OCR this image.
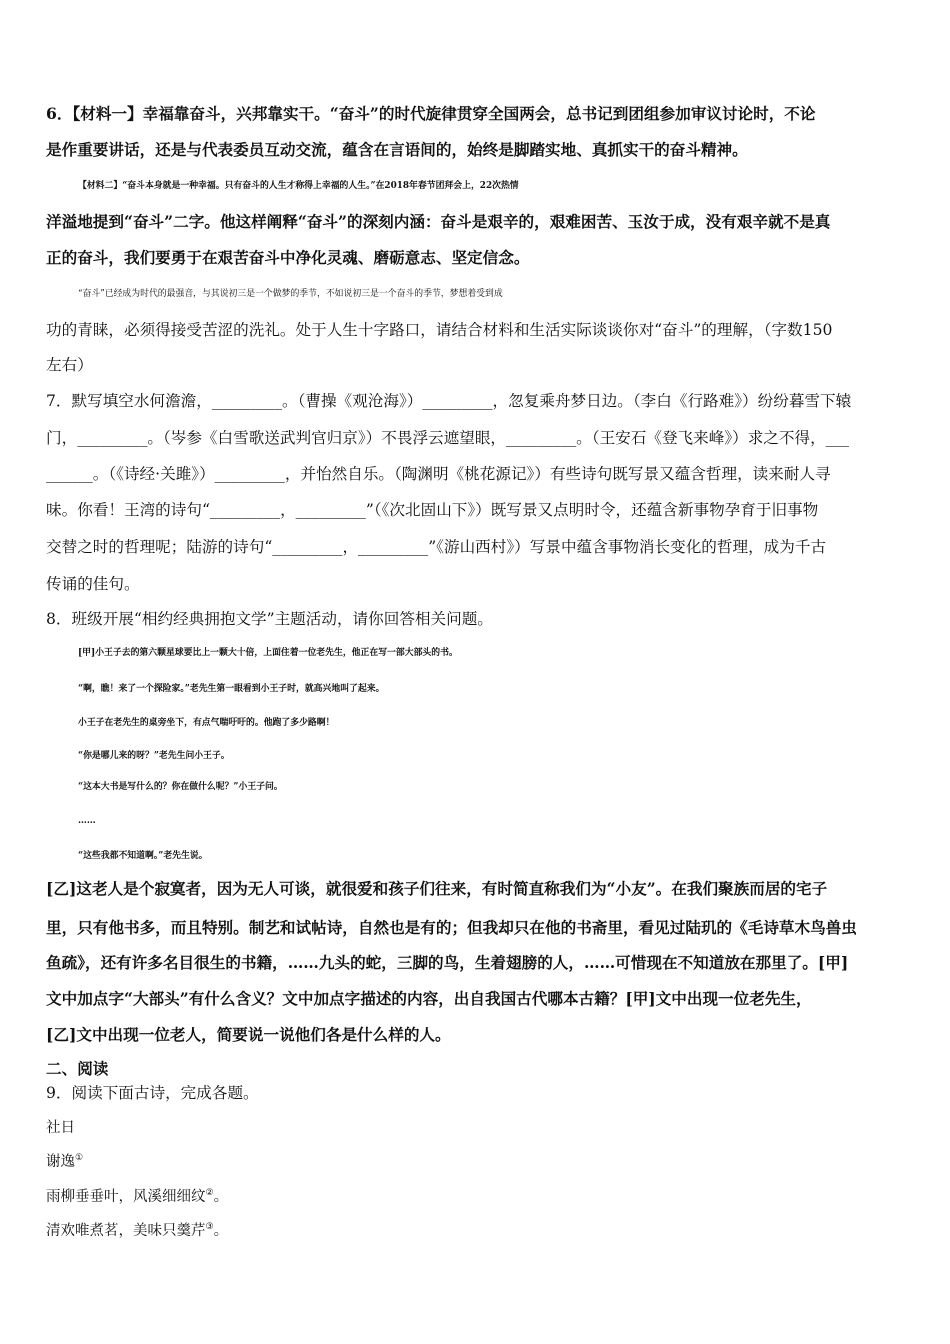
6．【材料一】幸福靠奋斗，兴邦靠实干。“奋斗”的时代旋律贯穿全国两会，总书记到团组参加审议讨论时，不论
是作重要讲话，还是与代表委员互动交流，蕴含在言语间的，始终是脚踏实地、真抓实干的奋斗精神。
【材料二】“奋斗本身就是一种幸福。只有奋斗的人生才称得上幸福的人生。”在2018年春节团拜会上，22次热情
洋溢地提到“奋斗”二字。他这样阐释“奋斗”的深刻内涵：奋斗是艰辛的，艰难困苦、玉汝于成，没有艰辛就不是真
正的奋斗，我们要勇于在艰苦奋斗中净化灵魂、磨砺意志、坚定信念。
“奋斗”已经成为时代的最强音，与其说初三是一个做梦的季节，不如说初三是一个奋斗的季节，梦想着受到成
功的青睐，必须得接受苦涩的洗礼。处于人生十字路口，请结合材料和生活实际谈谈你对“奋斗”的理解，（字数150
左右）
7．默写填空水何澹澹，_________。（曹操《观沧海》）_________，忽复乘舟梦日边。（李白《行路难》）纷纷暮雪下辕
门，_________。（岑参《白雪歌送武判官归京》）不畏浮云遮望眼，_________。（王安石《登飞来峰》）求之不得，___
______。（《诗经·关雎》）_________，并怡然自乐。（陶渊明《桃花源记》）有些诗句既写景又蕴含哲理，读来耐人寻
味。你看！王湾的诗句“_________，_________”（《次北固山下》）既写景又点明时令，还蕴含新事物孕育于旧事物
交替之时的哲理呢；陆游的诗句“_________，_________”《游山西村》）写景中蕴含事物消长变化的哲理，成为千古
传诵的佳句。
8．班级开展“相约经典拥抱文学”主题活动，请你回答相关问题。
[甲]小王子去的第六颗星球要比上一颗大十倍，上面住着一位老先生，他正在写一部大部头的书。
“啊，瞧！来了一个探险家。”老先生第一眼看到小王子时，就高兴地叫了起来。
小王子在老先生的桌旁坐下，有点气喘吁吁的。他跑了多少路啊！
“你是哪儿来的呀？”老先生问小王子。
“这本大书是写什么的？你在做什么呢？”小王子问。
……
“这些我都不知道啊。”老先生说。
[乙]这老人是个寂寞者，因为无人可谈，就很爱和孩子们往来，有时简直称我们为“小友”。在我们聚族而居的宅子
里，只有他书多，而且特别。制艺和试帖诗，自然也是有的；但我却只在他的书斋里，看见过陆玑的《毛诗草木鸟兽虫
鱼疏》，还有许多名目很生的书籍，……九头的蛇，三脚的鸟，生着翅膀的人，……可惜现在不知道放在那里了。[甲]
文中加点字“大部头”有什么含义？文中加点字描述的内容，出自我国古代哪本古籍？[甲]文中出现一位老先生，
[乙]文中出现一位老人，简要说一说他们各是什么样的人。
二、阅读
9．阅读下面古诗，完成各题。
社日
谢逸①
雨柳垂垂叶，风溪细细纹②。
清欢唯煮茗，美味只羹芹③。
